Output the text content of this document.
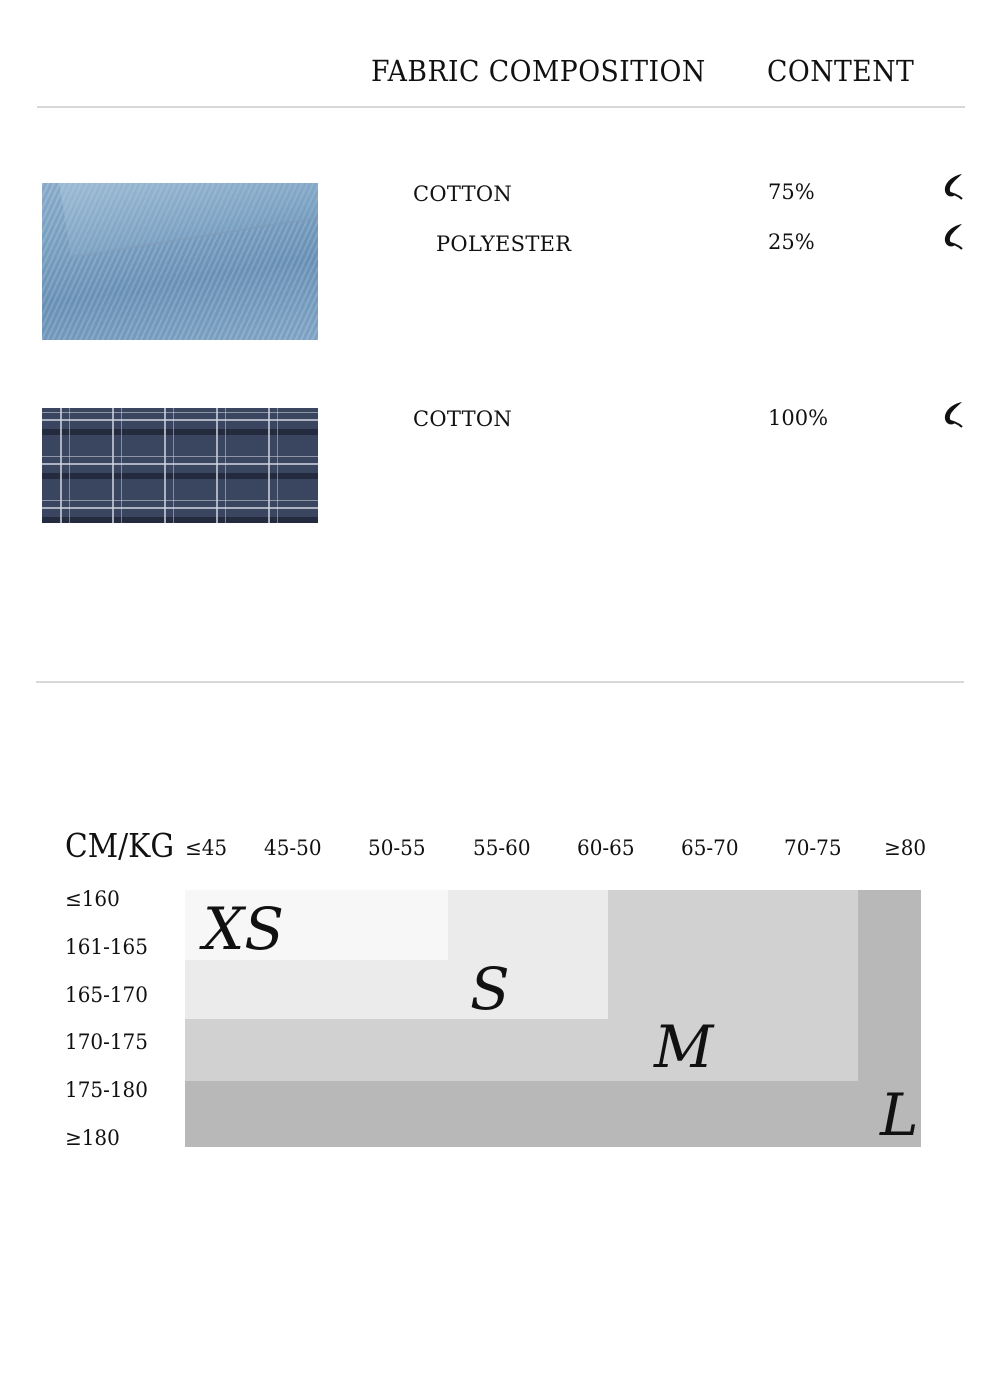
FABRIC COMPOSITION CONTENT
COTTON	75%
POLYESTER	25%
COTTON	100%
CM/KG ≤45 45-50 50-55 55-60 60-65 65-70 70-75 ≥80
≤160
161-165
165-170
170-175
175-180
≥180
XS
S
M
L
